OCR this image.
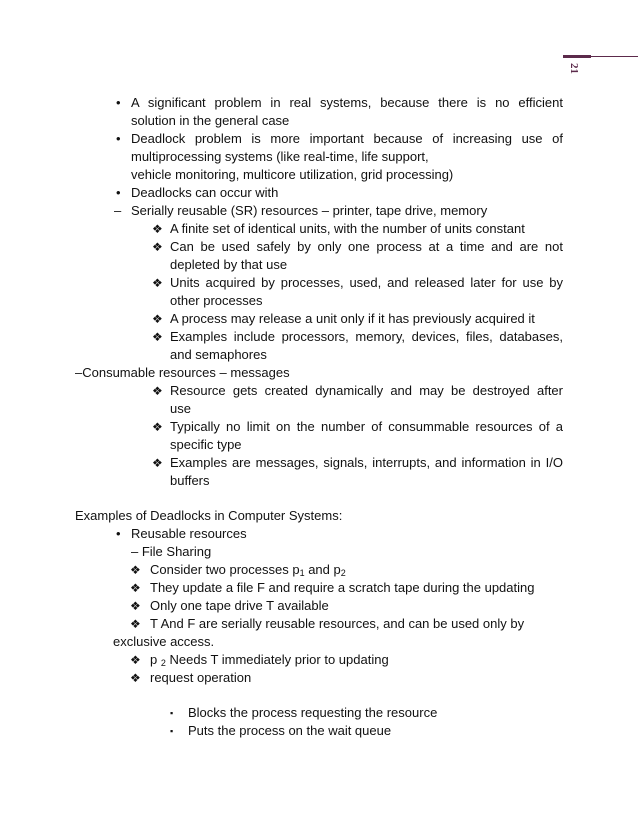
21
• A significant problem in real systems, because there is no efficient
solution in the general case
• Deadlock problem is more important because of increasing use of
multiprocessing systems (like real-time, life support,
vehicle monitoring, multicore utilization, grid processing)
• Deadlocks can occur with
– Serially reusable (SR) resources – printer, tape drive, memory
❖ A finite set of identical units, with the number of units constant
❖ Can be used safely by only one process at a time and are not
depleted by that use
❖ Units acquired by processes, used, and released later for use by
other processes
❖ A process may release a unit only if it has previously acquired it
❖ Examples include processors, memory, devices, files, databases,
and semaphores
–Consumable resources – messages
❖ Resource gets created dynamically and may be destroyed after
use
❖ Typically no limit on the number of consummable resources of a
specific type
❖ Examples are messages, signals, interrupts, and information in I/O
buffers
Examples of Deadlocks in Computer Systems:
• Reusable resources
– File Sharing
❖ Consider two processes $p_1$ and $p_2$
❖ They update a file F and require a scratch tape during the updating
❖ Only one tape drive T available
❖ T And F are serially reusable resources, and can be used only by
exclusive access.
❖ p $_2$ Needs T immediately prior to updating
❖ request operation
▪ Blocks the process requesting the resource
▪ Puts the process on the wait queue
